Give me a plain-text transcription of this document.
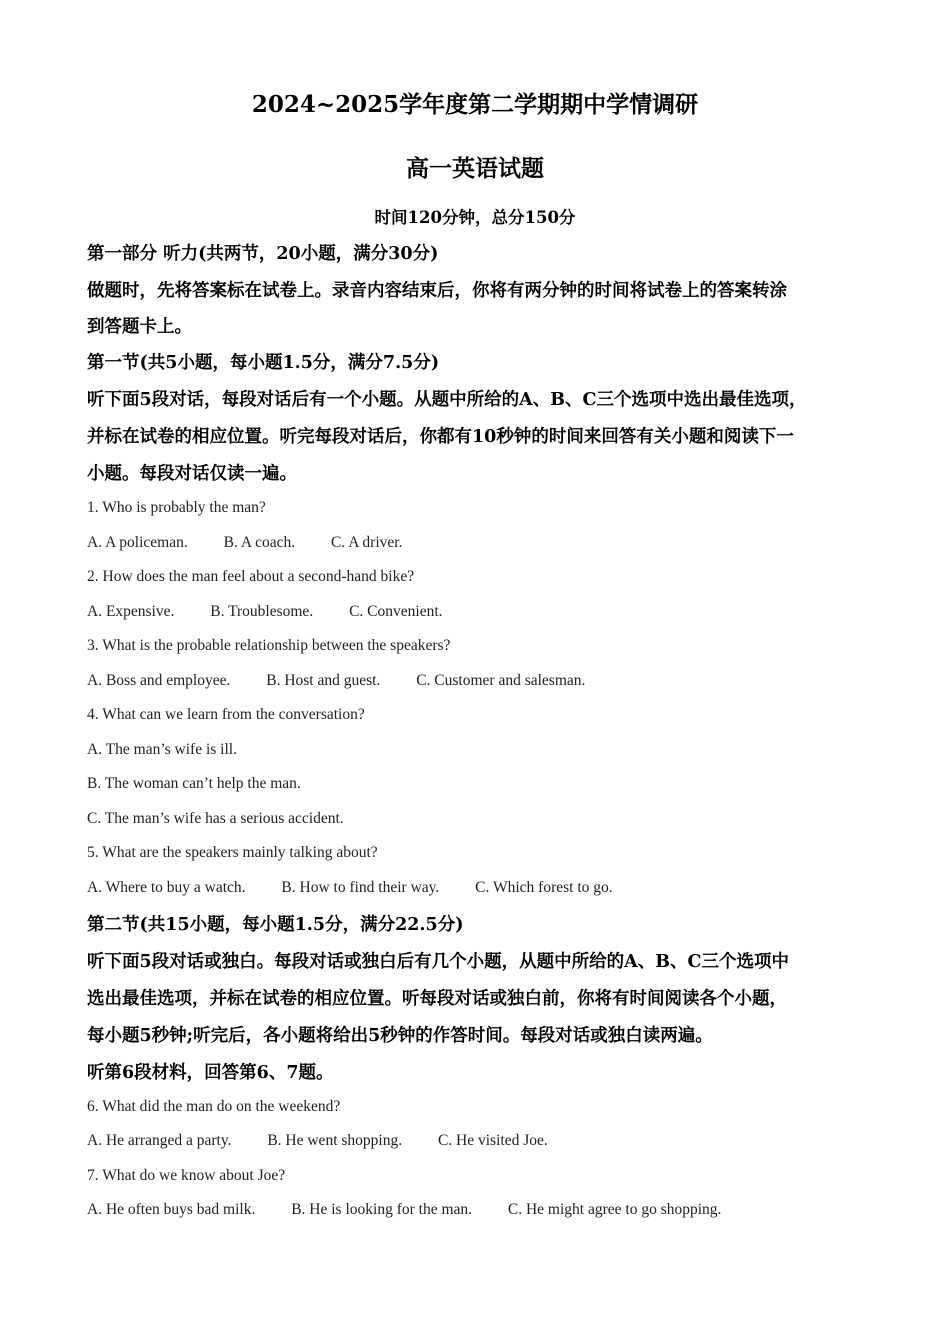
2024~2025学年度第二学期期中学情调研
高一英语试题
时间120分钟，总分150分
第一部分 听力(共两节，20小题，满分30分)
做题时，先将答案标在试卷上。录音内容结束后，你将有两分钟的时间将试卷上的答案转涂
到答题卡上。
第一节(共5小题，每小题1.5分，满分7.5分)
听下面5段对话，每段对话后有一个小题。从题中所给的A、B、C三个选项中选出最佳选项，
并标在试卷的相应位置。听完每段对话后，你都有10秒钟的时间来回答有关小题和阅读下一
小题。每段对话仅读一遍。
1. Who is probably the man?
A. A policeman. B. A coach. C. A driver.
2. How does the man feel about a second-hand bike?
A. Expensive. B. Troublesome. C. Convenient.
3. What is the probable relationship between the speakers?
A. Boss and employee. B. Host and guest. C. Customer and salesman.
4. What can we learn from the conversation?
A. The man’s wife is ill.
B. The woman can’t help the man.
C. The man’s wife has a serious accident.
5. What are the speakers mainly talking about?
A. Where to buy a watch. B. How to find their way. C. Which forest to go.
第二节(共15小题，每小题1.5分，满分22.5分)
听下面5段对话或独白。每段对话或独白后有几个小题，从题中所给的A、B、C三个选项中
选出最佳选项，并标在试卷的相应位置。听每段对话或独白前，你将有时间阅读各个小题，
每小题5秒钟;听完后，各小题将给出5秒钟的作答时间。每段对话或独白读两遍。
听第6段材料，回答第6、7题。
6. What did the man do on the weekend?
A. He arranged a party. B. He went shopping. C. He visited Joe.
7. What do we know about Joe?
A. He often buys bad milk. B. He is looking for the man. C. He might agree to go shopping.
